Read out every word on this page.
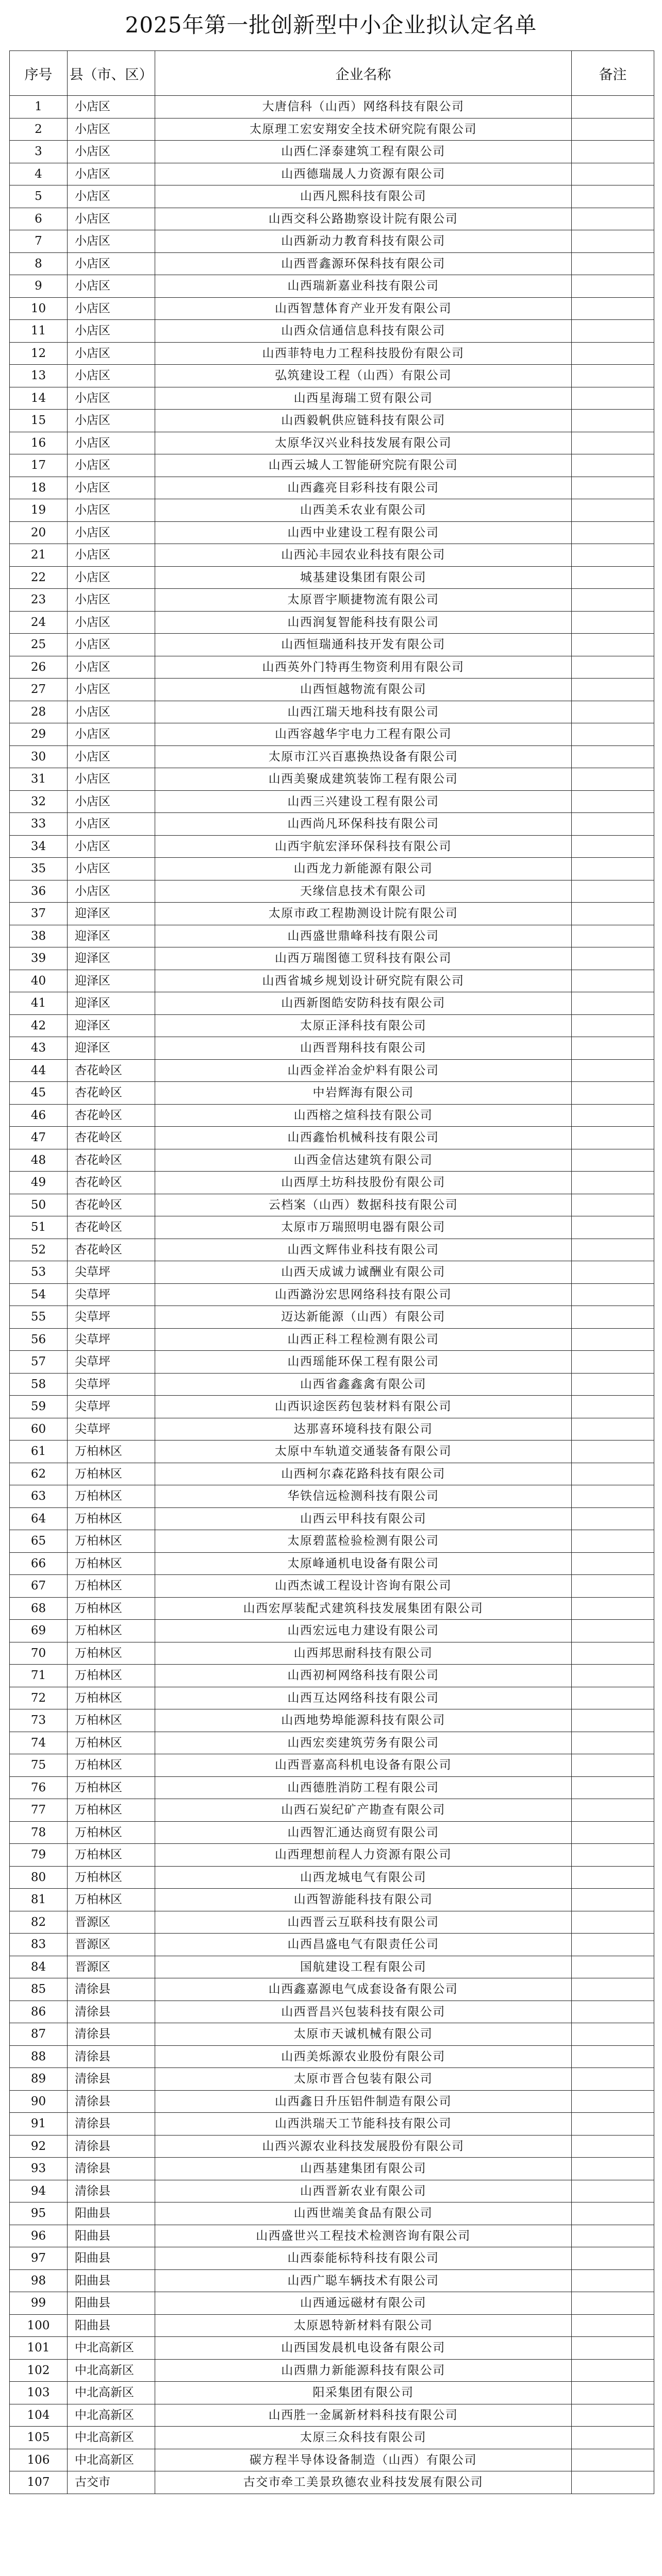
2025年第一批创新型中小企业拟认定名单
序号	县（市、区）	企业名称	备注
1	小店区	大唐信科（山西）网络科技有限公司	
2	小店区	太原理工宏安翔安全技术研究院有限公司	
3	小店区	山西仁泽泰建筑工程有限公司	
4	小店区	山西德瑞晟人力资源有限公司	
5	小店区	山西凡熙科技有限公司	
6	小店区	山西交科公路勘察设计院有限公司	
7	小店区	山西新动力教育科技有限公司	
8	小店区	山西晋鑫源环保科技有限公司	
9	小店区	山西瑞新嘉业科技有限公司	
10	小店区	山西智慧体育产业开发有限公司	
11	小店区	山西众信通信息科技有限公司	
12	小店区	山西菲特电力工程科技股份有限公司	
13	小店区	弘筑建设工程（山西）有限公司	
14	小店区	山西星海瑞工贸有限公司	
15	小店区	山西毅帆供应链科技有限公司	
16	小店区	太原华汉兴业科技发展有限公司	
17	小店区	山西云城人工智能研究院有限公司	
18	小店区	山西鑫亮目彩科技有限公司	
19	小店区	山西美禾农业有限公司	
20	小店区	山西中业建设工程有限公司	
21	小店区	山西沁丰园农业科技有限公司	
22	小店区	城基建设集团有限公司	
23	小店区	太原晋宇顺捷物流有限公司	
24	小店区	山西润复智能科技有限公司	
25	小店区	山西恒瑞通科技开发有限公司	
26	小店区	山西英外门特再生物资利用有限公司	
27	小店区	山西恒越物流有限公司	
28	小店区	山西江瑞天地科技有限公司	
29	小店区	山西容越华宇电力工程有限公司	
30	小店区	太原市江兴百惠换热设备有限公司	
31	小店区	山西美聚成建筑装饰工程有限公司	
32	小店区	山西三兴建设工程有限公司	
33	小店区	山西尚凡环保科技有限公司	
34	小店区	山西宇航宏泽环保科技有限公司	
35	小店区	山西龙力新能源有限公司	
36	小店区	天缘信息技术有限公司	
37	迎泽区	太原市政工程勘测设计院有限公司	
38	迎泽区	山西盛世鼎峰科技有限公司	
39	迎泽区	山西万瑞图德工贸科技有限公司	
40	迎泽区	山西省城乡规划设计研究院有限公司	
41	迎泽区	山西新图皓安防科技有限公司	
42	迎泽区	太原正泽科技有限公司	
43	迎泽区	山西晋翔科技有限公司	
44	杏花岭区	山西金祥冶金炉料有限公司	
45	杏花岭区	中岩辉海有限公司	
46	杏花岭区	山西榕之煊科技有限公司	
47	杏花岭区	山西鑫怡机械科技有限公司	
48	杏花岭区	山西金信达建筑有限公司	
49	杏花岭区	山西厚土坊科技股份有限公司	
50	杏花岭区	云档案（山西）数据科技有限公司	
51	杏花岭区	太原市万瑞照明电器有限公司	
52	杏花岭区	山西文辉伟业科技有限公司	
53	尖草坪	山西天成诚力诚酬业有限公司	
54	尖草坪	山西潞汾宏思网络科技有限公司	
55	尖草坪	迈达新能源（山西）有限公司	
56	尖草坪	山西正科工程检测有限公司	
57	尖草坪	山西瑶能环保工程有限公司	
58	尖草坪	山西省鑫鑫禽有限公司	
59	尖草坪	山西识途医药包装材料有限公司	
60	尖草坪	达那喜环境科技有限公司	
61	万柏林区	太原中车轨道交通装备有限公司	
62	万柏林区	山西柯尔森花路科技有限公司	
63	万柏林区	华铁信远检测科技有限公司	
64	万柏林区	山西云甲科技有限公司	
65	万柏林区	太原碧蓝检验检测有限公司	
66	万柏林区	太原峰通机电设备有限公司	
67	万柏林区	山西杰诚工程设计咨询有限公司	
68	万柏林区	山西宏厚装配式建筑科技发展集团有限公司	
69	万柏林区	山西宏远电力建设有限公司	
70	万柏林区	山西邦思耐科技有限公司	
71	万柏林区	山西初柯网络科技有限公司	
72	万柏林区	山西互达网络科技有限公司	
73	万柏林区	山西地势埠能源科技有限公司	
74	万柏林区	山西宏奕建筑劳务有限公司	
75	万柏林区	山西晋嘉高科机电设备有限公司	
76	万柏林区	山西德胜消防工程有限公司	
77	万柏林区	山西石炭纪矿产勘查有限公司	
78	万柏林区	山西智汇通达商贸有限公司	
79	万柏林区	山西理想前程人力资源有限公司	
80	万柏林区	山西龙城电气有限公司	
81	万柏林区	山西智游能科技有限公司	
82	晋源区	山西晋云互联科技有限公司	
83	晋源区	山西昌盛电气有限责任公司	
84	晋源区	国航建设工程有限公司	
85	清徐县	山西鑫嘉源电气成套设备有限公司	
86	清徐县	山西晋昌兴包装科技有限公司	
87	清徐县	太原市天诚机械有限公司	
88	清徐县	山西美烁源农业股份有限公司	
89	清徐县	太原市晋合包装有限公司	
90	清徐县	山西鑫日升压铝件制造有限公司	
91	清徐县	山西洪瑞天工节能科技有限公司	
92	清徐县	山西兴源农业科技发展股份有限公司	
93	清徐县	山西基建集团有限公司	
94	清徐县	山西晋新农业有限公司	
95	阳曲县	山西世端美食品有限公司	
96	阳曲县	山西盛世兴工程技术检测咨询有限公司	
97	阳曲县	山西泰能标特科技有限公司	
98	阳曲县	山西广聪车辆技术有限公司	
99	阳曲县	山西通远磁材有限公司	
100	阳曲县	太原恩特新材料有限公司	
101	中北高新区	山西国发晨机电设备有限公司	
102	中北高新区	山西鼎力新能源科技有限公司	
103	中北高新区	阳采集团有限公司	
104	中北高新区	山西胜一金属新材料科技有限公司	
105	中北高新区	太原三众科技有限公司	
106	中北高新区	碳方程半导体设备制造（山西）有限公司	
107	古交市	古交市牵工美景玖德农业科技发展有限公司	
